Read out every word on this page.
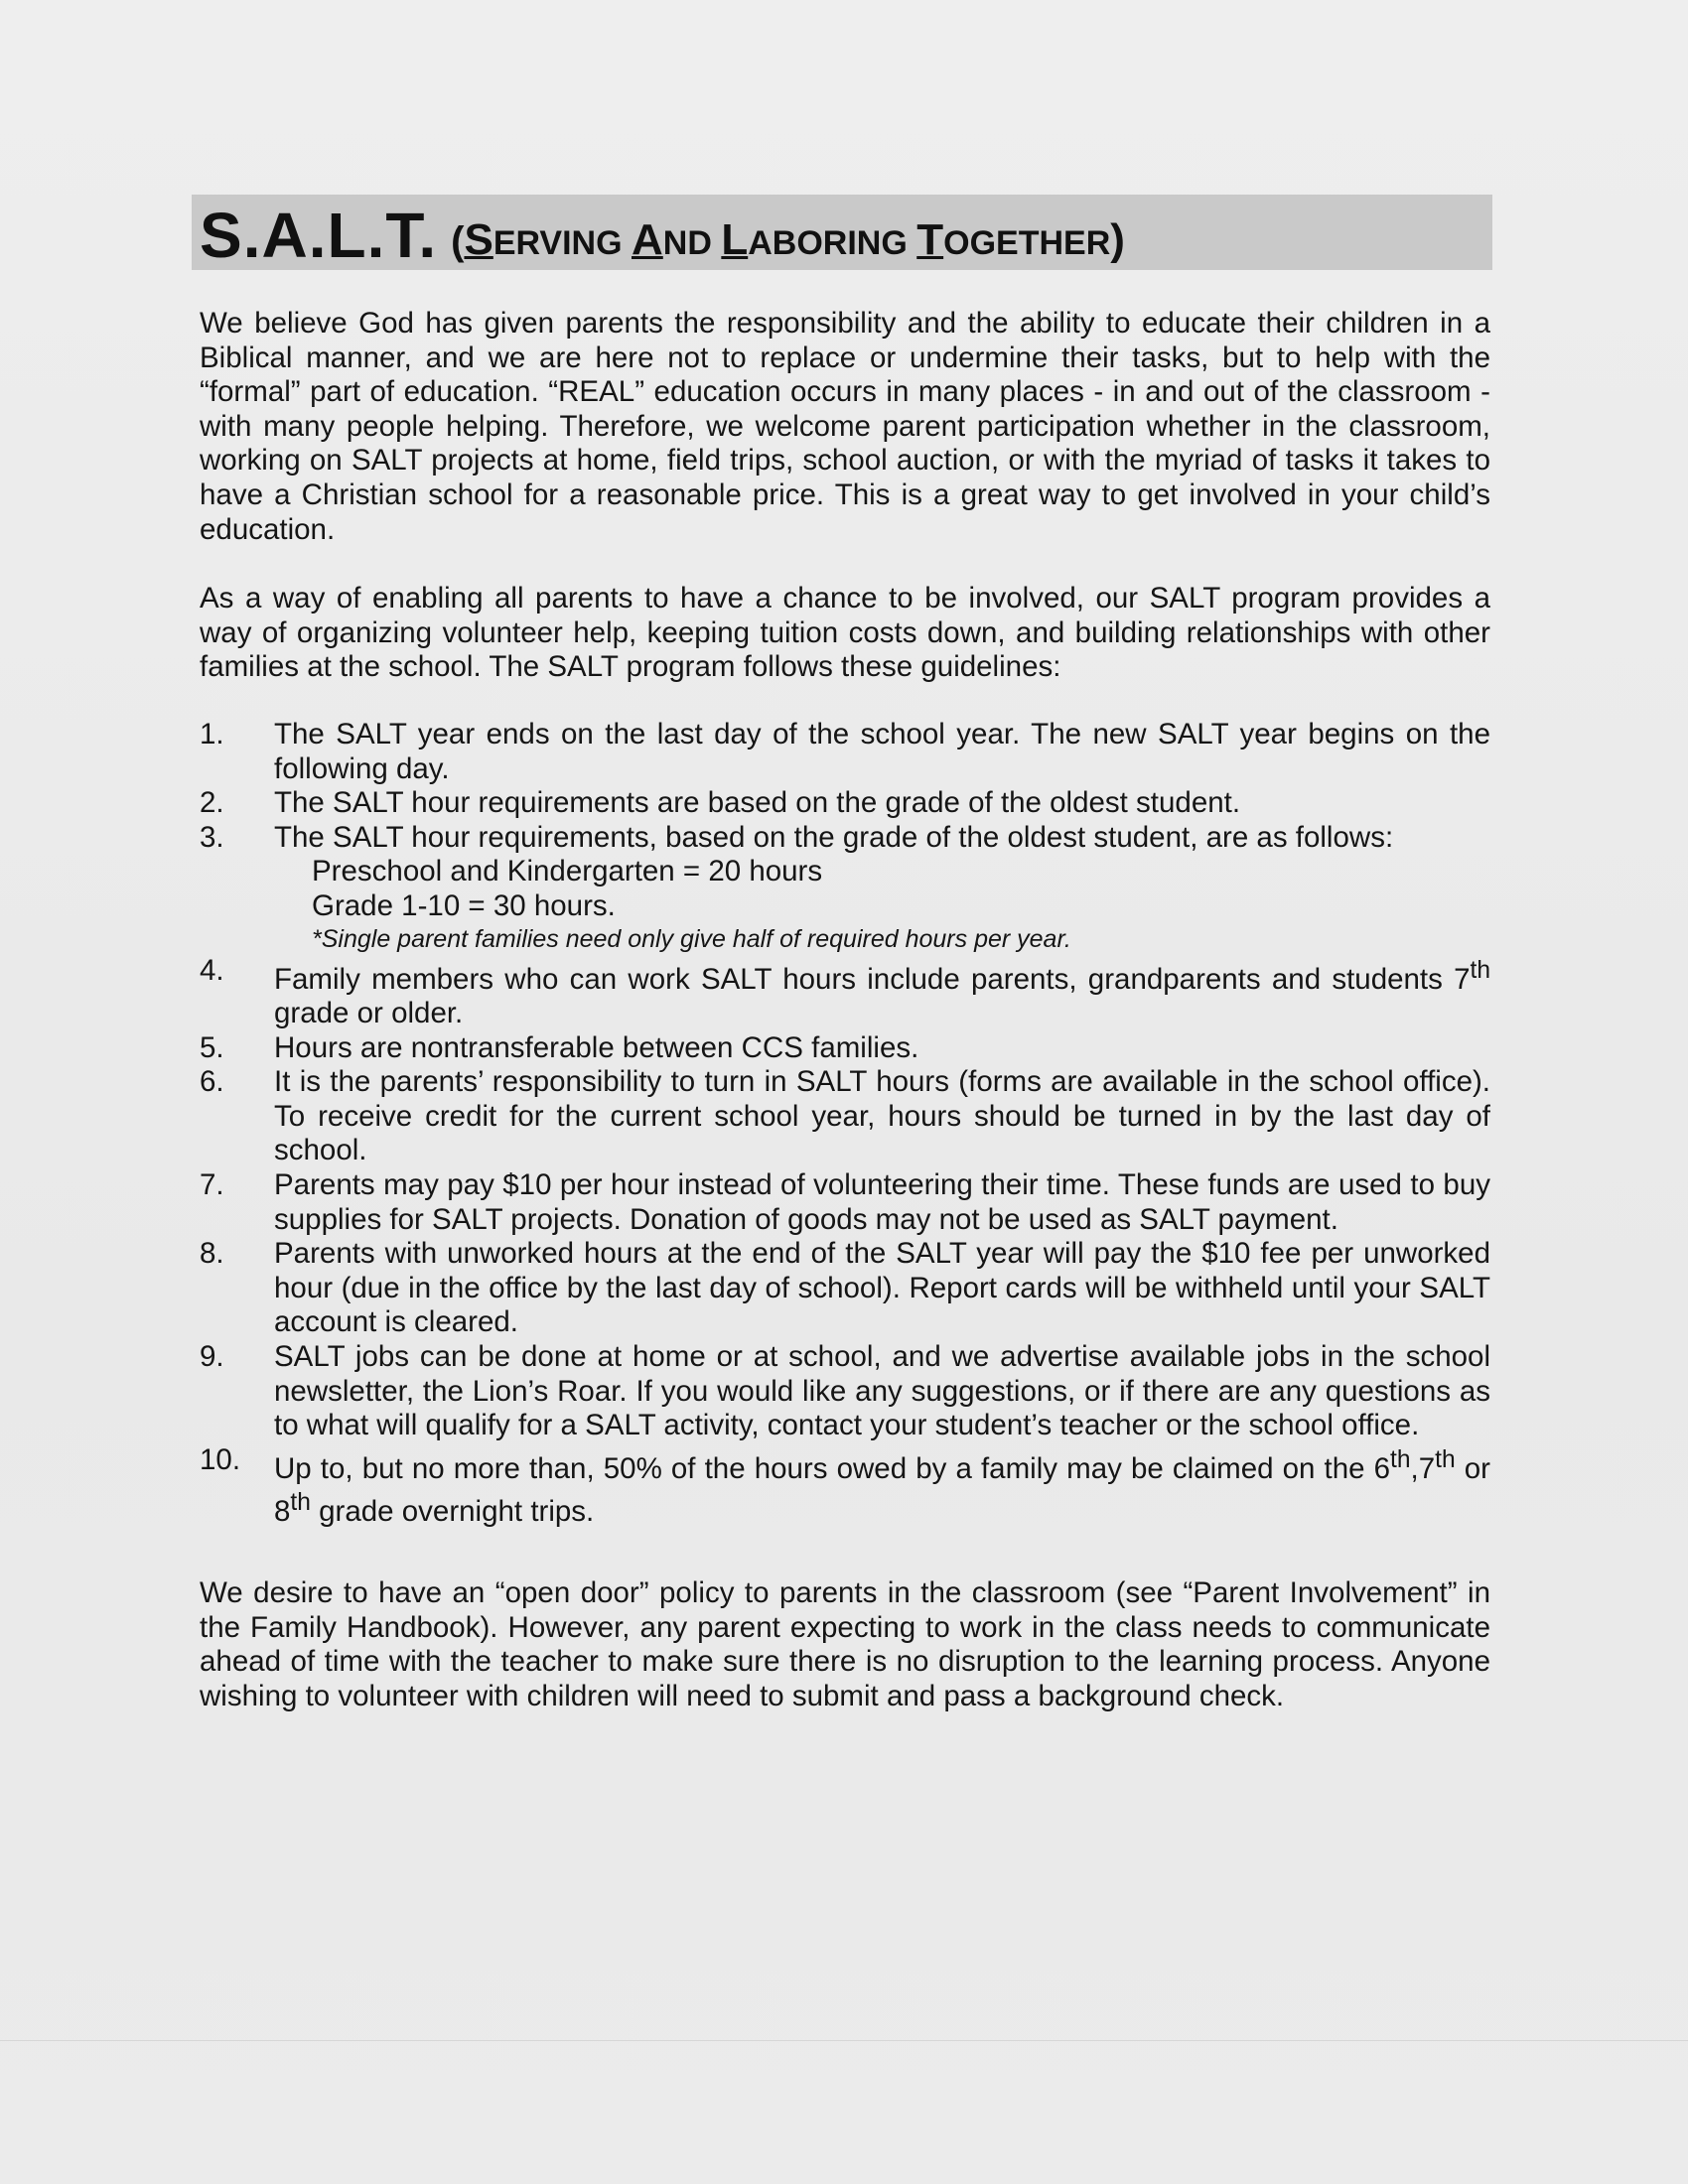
S.A.L.T. (SERVING AND LABORING TOGETHER)

We believe God has given parents the responsibility and the ability to educate their children in a Biblical manner, and we are here not to replace or undermine their tasks, but to help with the “formal” part of education. “REAL” education occurs in many places - in and out of the classroom - with many people helping. Therefore, we welcome parent participation whether in the classroom, working on SALT projects at home, field trips, school auction, or with the myriad of tasks it takes to have a Christian school for a reasonable price. This is a great way to get involved in your child’s education.

As a way of enabling all parents to have a chance to be involved, our SALT program provides a way of organizing volunteer help, keeping tuition costs down, and building relationships with other families at the school. The SALT program follows these guidelines:

1.	The SALT year ends on the last day of the school year. The new SALT year begins on the following day.
2.	The SALT hour requirements are based on the grade of the oldest student.
3.	The SALT hour requirements, based on the grade of the oldest student, are as follows:
Preschool and Kindergarten = 20 hours
Grade 1-10 = 30 hours.
*Single parent families need only give half of required hours per year.
4.	Family members who can work SALT hours include parents, grandparents and students 7th grade or older.
5.	Hours are nontransferable between CCS families.
6.	It is the parents’ responsibility to turn in SALT hours (forms are available in the school office). To receive credit for the current school year, hours should be turned in by the last day of school.
7.	Parents may pay $10 per hour instead of volunteering their time. These funds are used to buy supplies for SALT projects. Donation of goods may not be used as SALT payment.
8.	Parents with unworked hours at the end of the SALT year will pay the $10 fee per unworked hour (due in the office by the last day of school). Report cards will be withheld until your SALT account is cleared.
9.	SALT jobs can be done at home or at school, and we advertise available jobs in the school newsletter, the Lion’s Roar. If you would like any suggestions, or if there are any questions as to what will qualify for a SALT activity, contact your student’s teacher or the school office.
10.	Up to, but no more than, 50% of the hours owed by a family may be claimed on the 6th,7th or 8th grade overnight trips.

We desire to have an “open door” policy to parents in the classroom (see “Parent Involvement” in the Family Handbook). However, any parent expecting to work in the class needs to communicate ahead of time with the teacher to make sure there is no disruption to the learning process. Anyone wishing to volunteer with children will need to submit and pass a background check.
